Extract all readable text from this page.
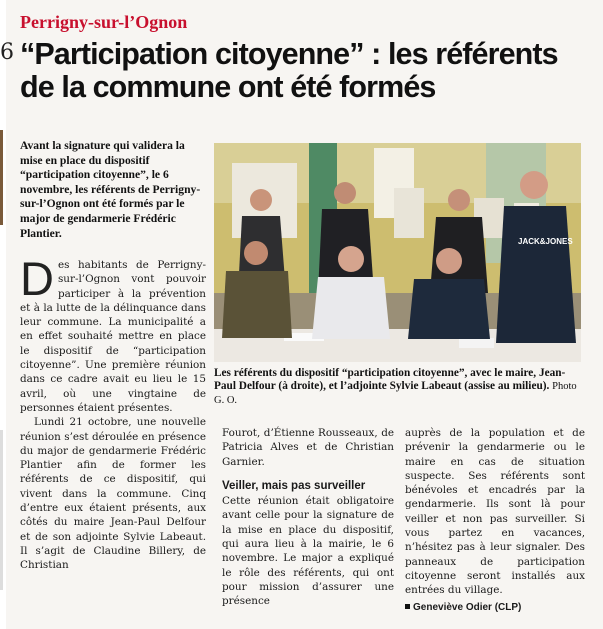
6
Perrigny-sur-l’Ognon
“Participation citoyenne” : les référents de la commune ont été formés
Avant la signature qui validera la mise en place du dispositif “participation citoyenne”, le 6 novembre, les référents de Perrigny-sur-l’Ognon ont été formés par le major de gendarmerie Frédéric Plantier.
JACK&JONES
Les référents du dispositif “participation citoyenne”, avec le maire, Jean-Paul Delfour (à droite), et l’adjointe Sylvie Labeaut (assise au milieu). Photo G. O.
D es habitants de Perrigny-sur-l’Ognon vont pouvoir participer à la prévention et à la lutte de la délinquance dans leur commune. La municipalité a en effet souhaité mettre en place le dispositif de “participation citoyenne”. Une première réunion dans ce cadre avait eu lieu le 15 avril, où une vingtaine de personnes étaient présentes.

Lundi 21 octobre, une nouvelle réunion s’est déroulée en présence du major de gendarmerie Frédéric Plantier afin de former les référents de ce dispositif, qui vivent dans la commune. Cinq d’entre eux étaient présents, aux côtés du maire Jean-Paul Delfour et de son adjointe Sylvie Labeaut. Il s’agit de Claudine Billery, de Christian

Fourot, d’Étienne Rousseaux, de Patricia Alves et de Christian Garnier.

Veiller, mais pas surveiller

Cette réunion était obligatoire avant celle pour la signature de la mise en place du dispositif, qui aura lieu à la mairie, le 6 novembre. Le major a expliqué le rôle des référents, qui ont pour mission d’assurer une présence

auprès de la population et de prévenir la gendarmerie ou le maire en cas de situation suspecte. Ses référents sont bénévoles et encadrés par la gendarmerie. Ils sont là pour veiller et non pas surveiller. Si vous partez en vacances, n’hésitez pas à leur signaler. Des panneaux de participation citoyenne seront installés aux entrées du village.

Geneviève Odier (CLP)
